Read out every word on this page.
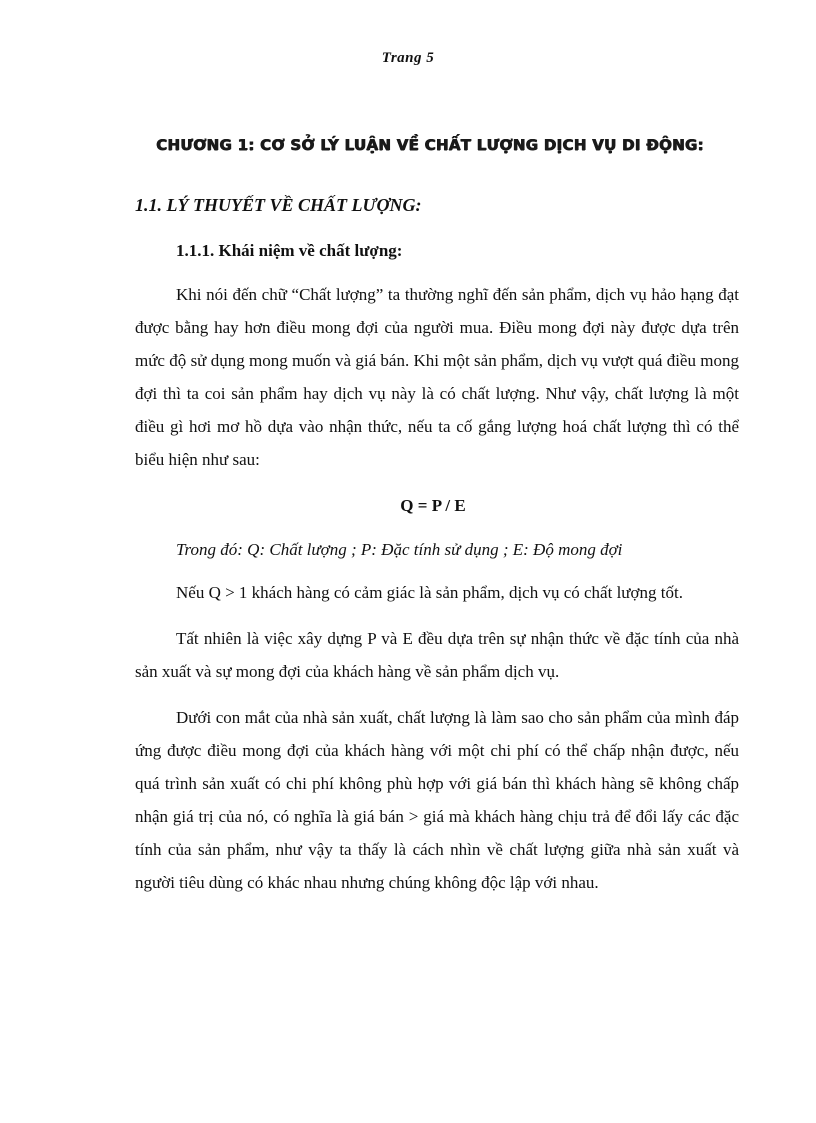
Trang 5
CHƯƠNG 1: CƠ SỞ LÝ LUẬN VỀ CHẤT LƯỢNG DỊCH VỤ DI ĐỘNG:
1.1. LÝ THUYẾT VỀ CHẤT LƯỢNG:
1.1.1. Khái niệm về chất lượng:

Khi nói đến chữ “Chất lượng” ta thường nghĩ đến sản phẩm, dịch vụ hảo hạng đạt được bằng hay hơn điều mong đợi của người mua. Điều mong đợi này được dựa trên mức độ sử dụng mong muốn và giá bán. Khi một sản phẩm, dịch vụ vượt quá điều mong đợi thì ta coi sản phẩm hay dịch vụ này là có chất lượng. Như vậy, chất lượng là một điều gì hơi mơ hồ dựa vào nhận thức, nếu ta cố gắng lượng hoá chất lượng thì có thể biểu hiện như sau:

Q = P / E
Trong đó: Q: Chất lượng ; P: Đặc tính sử dụng ; E: Độ mong đợi

Nếu Q > 1 khách hàng có cảm giác là sản phẩm, dịch vụ có chất lượng tốt.

Tất nhiên là việc xây dựng P và E đều dựa trên sự nhận thức về đặc tính của nhà sản xuất và sự mong đợi của khách hàng về sản phẩm dịch vụ.

Dưới con mắt của nhà sản xuất, chất lượng là làm sao cho sản phẩm của mình đáp ứng được điều mong đợi của khách hàng với một chi phí có thể chấp nhận được, nếu quá trình sản xuất có chi phí không phù hợp với giá bán thì khách hàng sẽ không chấp nhận giá trị của nó, có nghĩa là giá bán > giá mà khách hàng chịu trả để đổi lấy các đặc tính của sản phẩm, như vậy ta thấy là cách nhìn về chất lượng giữa nhà sản xuất và người tiêu dùng có khác nhau nhưng chúng không độc lập với nhau.
